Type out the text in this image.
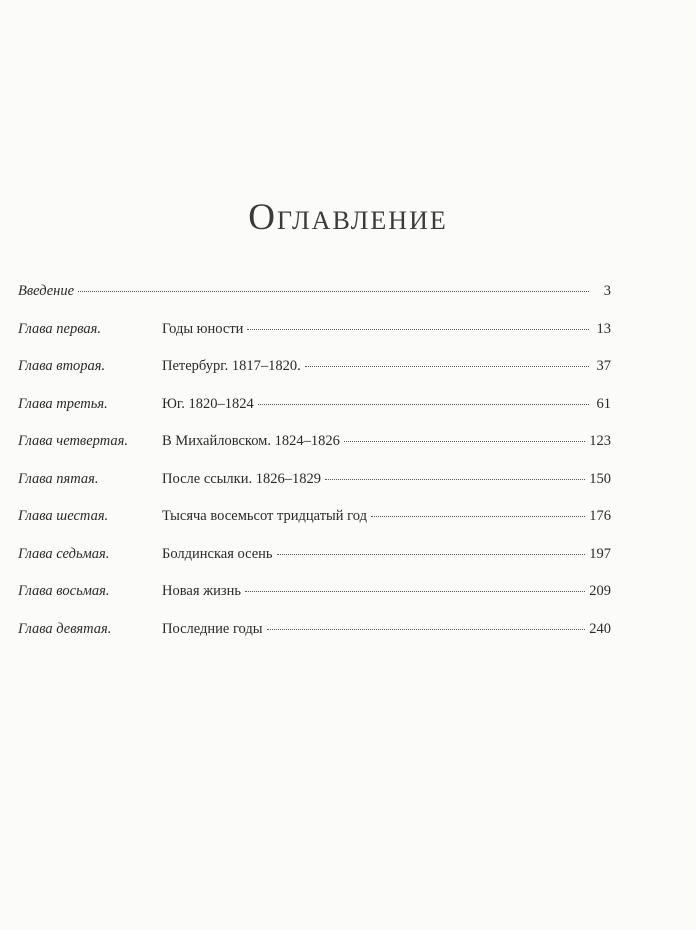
Оглавление
Введение	3
Глава первая.	Годы юности	13
Глава вторая.	Петербург. 1817–1820.	37
Глава третья.	Юг. 1820–1824	61
Глава четвертая.	В Михайловском. 1824–1826	123
Глава пятая.	После ссылки. 1826–1829	150
Глава шестая.	Тысяча восемьсот тридцатый год	176
Глава седьмая.	Болдинская осень	197
Глава восьмая.	Новая жизнь	209
Глава девятая.	Последние годы	240
